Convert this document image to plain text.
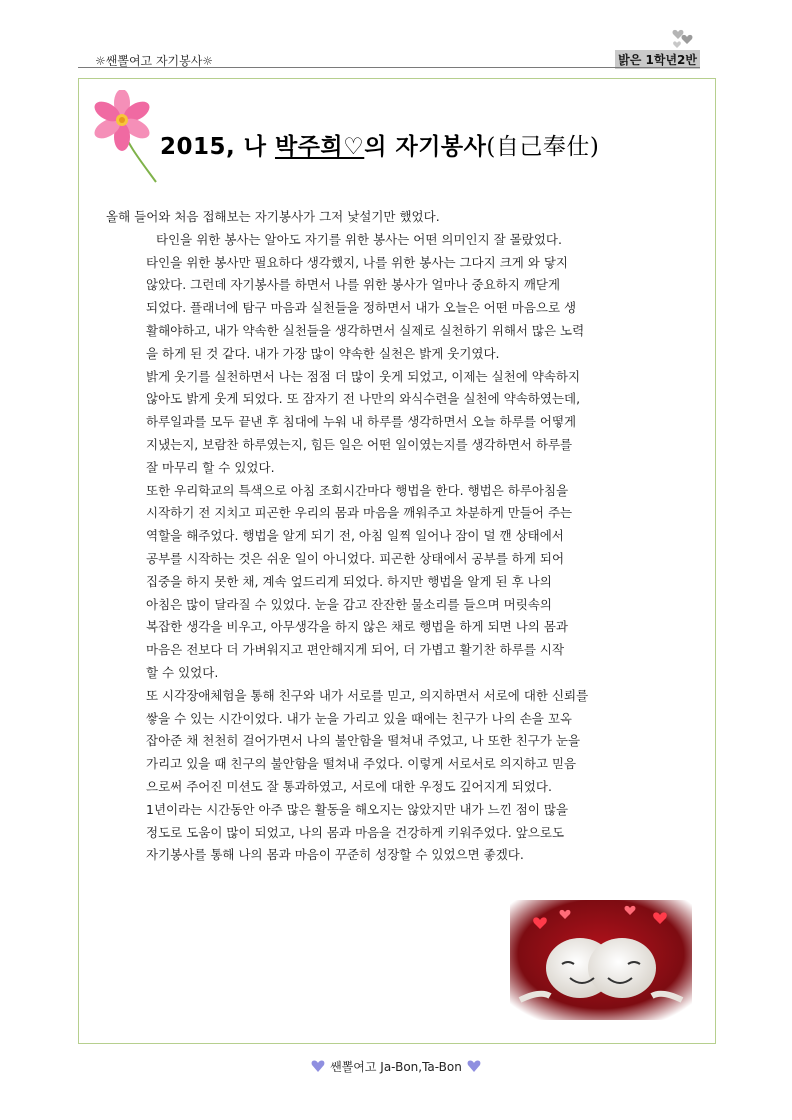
☼쌘뽈여고 자기봉사☼	밝은 1학년2반
2015, 나 박주희♡의 자기봉사(自己奉仕)
올해 들어와 처음 접해보는 자기봉사가 그저 낯설기만 했었다.
타인을 위한 봉사는 알아도 자기를 위한 봉사는 어떤 의미인지 잘 몰랐었다.
타인을 위한 봉사만 필요하다 생각했지, 나를 위한 봉사는 그다지 크게 와 닿지
않았다. 그런데 자기봉사를 하면서 나를 위한 봉사가 얼마나 중요하지 깨닫게
되었다. 플래너에 탐구 마음과 실천들을 정하면서 내가 오늘은 어떤 마음으로 생
활해야하고, 내가 약속한 실천들을 생각하면서 실제로 실천하기 위해서 많은 노력
을 하게 된 것 같다. 내가 가장 많이 약속한 실천은 밝게 웃기였다.
밝게 웃기를 실천하면서 나는 점점 더 많이 웃게 되었고, 이제는 실천에 약속하지
않아도 밝게 웃게 되었다. 또 잠자기 전 나만의 와식수련을 실천에 약속하였는데,
하루일과를 모두 끝낸 후 침대에 누워 내 하루를 생각하면서 오늘 하루를 어떻게
지냈는지, 보람찬 하루였는지, 힘든 일은 어떤 일이였는지를 생각하면서 하루를
잘 마무리 할 수 있었다.
또한 우리학교의 특색으로 아침 조회시간마다 행법을 한다. 행법은 하루아침을
시작하기 전 지치고 피곤한 우리의 몸과 마음을 깨워주고 차분하게 만들어 주는
역할을 해주었다. 행법을 알게 되기 전, 아침 일찍 일어나 잠이 덜 깬 상태에서
공부를 시작하는 것은 쉬운 일이 아니었다. 피곤한 상태에서 공부를 하게 되어
집중을 하지 못한 채, 계속 엎드리게 되었다. 하지만 행법을 알게 된 후 나의
아침은 많이 달라질 수 있었다. 눈을 감고 잔잔한 물소리를 들으며 머릿속의
복잡한 생각을 비우고, 아무생각을 하지 않은 채로 행법을 하게 되면 나의 몸과
마음은 전보다 더 가벼워지고 편안해지게 되어, 더 가볍고 활기찬 하루를 시작
할 수 있었다.
또 시각장애체험을 통해 친구와 내가 서로를 믿고, 의지하면서 서로에 대한 신뢰를
쌓을 수 있는 시간이었다. 내가 눈을 가리고 있을 때에는 친구가 나의 손을 꼬옥
잡아준 채 천천히 걸어가면서 나의 불안함을 떨쳐내 주었고, 나 또한 친구가 눈을
가리고 있을 때 친구의 불안함을 떨쳐내 주었다. 이렇게 서로서로 의지하고 믿음
으로써 주어진 미션도 잘 통과하였고, 서로에 대한 우정도 깊어지게 되었다.
1년이라는 시간동안 아주 많은 활동을 해오지는 않았지만 내가 느낀 점이 많을
정도로 도움이 많이 되었고, 나의 몸과 마음을 건강하게 키워주었다. 앞으로도
자기봉사를 통해 나의 몸과 마음이 꾸준히 성장할 수 있었으면 좋겠다.
쌘뽈여고 Ja-Bon,Ta-Bon
